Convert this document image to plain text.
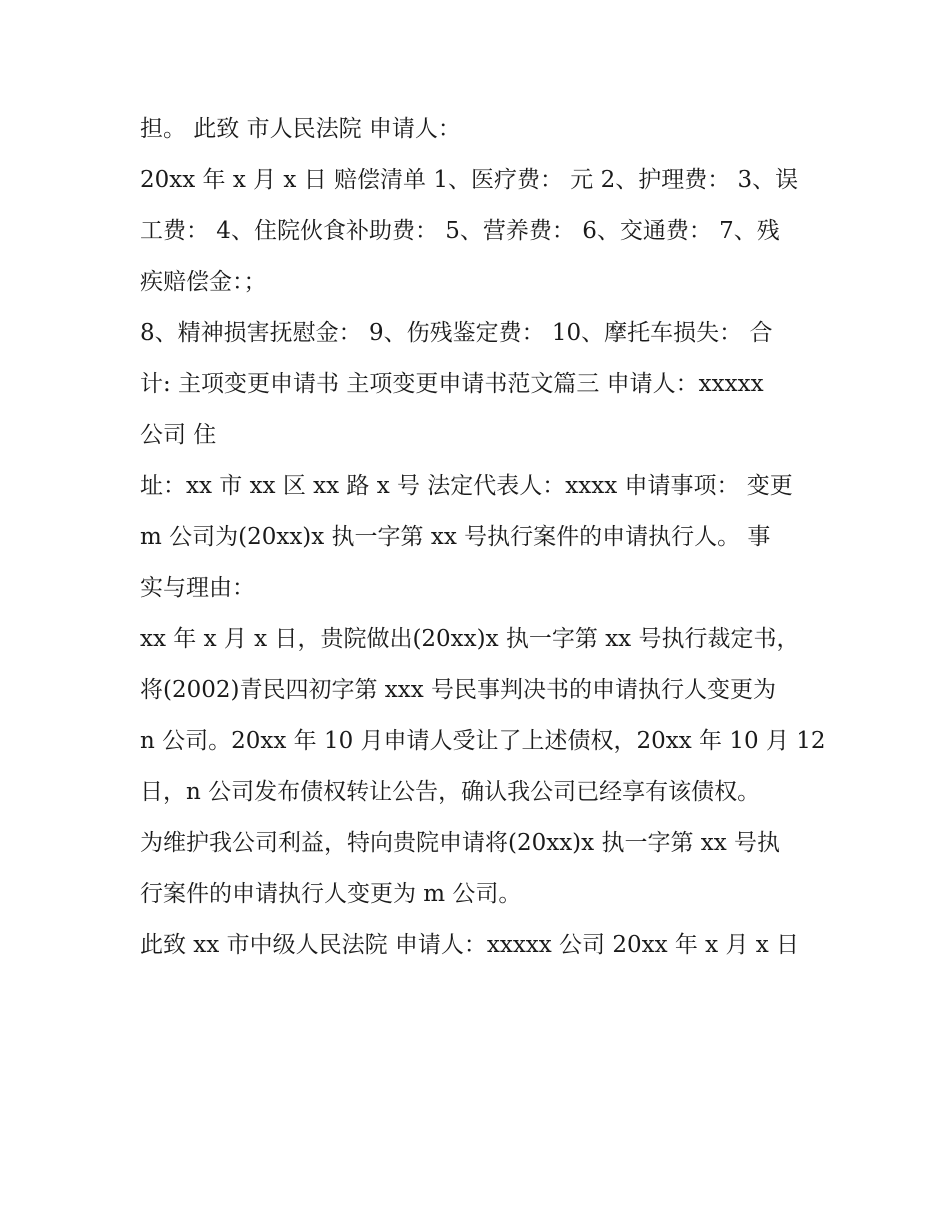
担。 此致 市人民法院 申请人：
20xx 年 x 月 x 日 赔偿清单 1、医疗费： 元 2、护理费： 3、误
工费： 4、住院伙食补助费： 5、营养费： 6、交通费： 7、残
疾赔偿金：；
8、精神损害抚慰金： 9、伤残鉴定费： 10、摩托车损失： 合
计: 主项变更申请书 主项变更申请书范文篇三 申请人：xxxxx
公司 住
址：xx 市 xx 区 xx 路 x 号 法定代表人：xxxx 申请事项： 变更
m 公司为(20xx)x 执一字第 xx 号执行案件的申请执行人。 事
实与理由：
xx 年 x 月 x 日，贵院做出(20xx)x 执一字第 xx 号执行裁定书，
将(2002)青民四初字第 xxx 号民事判决书的申请执行人变更为
n 公司。20xx 年 10 月申请人受让了上述债权，20xx 年 10 月 12
日，n 公司发布债权转让公告，确认我公司已经享有该债权。
为维护我公司利益，特向贵院申请将(20xx)x 执一字第 xx 号执
行案件的申请执行人变更为 m 公司。
此致 xx 市中级人民法院 申请人：xxxxx 公司 20xx 年 x 月 x 日
